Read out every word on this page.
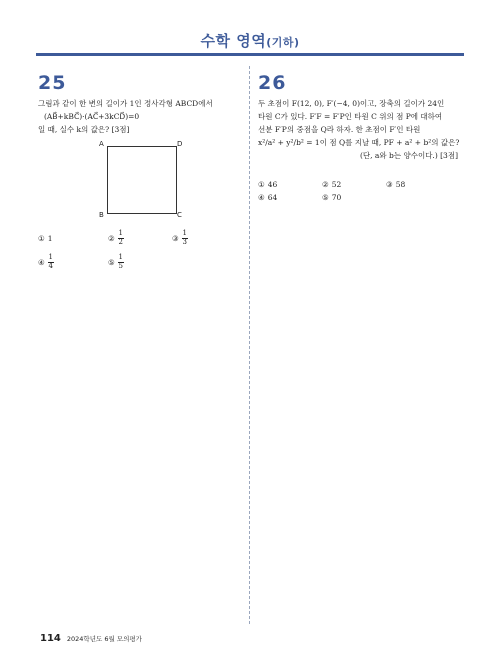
수학 영역(기하)
25
그림과 같이 한 변의 길이가 1인 정사각형 ABCD에서
(AB⃗+kBC⃗)·(AC⃗+3kCD⃗)=0
일 때, 실수 k의 값은? [3점]
A	D
B	C
① 1	② $\frac{1}{2}$	③ $\frac{1}{3}$
④ $\frac{1}{4}$	⑤ $\frac{1}{5}$
26
두 초점이 F(12, 0), F′(−4, 0)이고, 장축의 길이가 24인
타원 C가 있다. F′F = F′P인 타원 C 위의 점 P에 대하여
선분 F′P의 중점을 Q라 하자. 한 초점이 F′인 타원
x²/a² + y²/b² = 1이 점 Q를 지날 때, PF + a² + b²의 값은?
(단, a와 b는 양수이다.) [3점]
① 46	② 52	③ 58
④ 64	⑤ 70
114 2024학년도 6월 모의평가
